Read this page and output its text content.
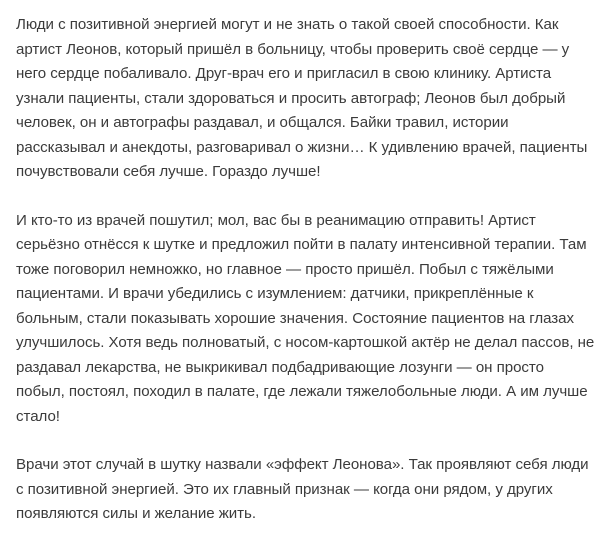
Люди с позитивной энергией могут и не знать о такой своей способности. Как
артист Леонов, который пришёл в больницу, чтобы проверить своё сердце — у
него сердце побаливало. Друг-врач его и пригласил в свою клинику. Артиста
узнали пациенты, стали здороваться и просить автограф; Леонов был добрый
человек, он и автографы раздавал, и общался. Байки травил, истории
рассказывал и анекдоты, разговаривал о жизни… К удивлению врачей, пациенты
почувствовали себя лучше. Гораздо лучше!

И кто-то из врачей пошутил; мол, вас бы в реанимацию отправить! Артист
серьёзно отнёсся к шутке и предложил пойти в палату интенсивной терапии. Там
тоже поговорил немножко, но главное — просто пришёл. Побыл с тяжёлыми
пациентами. И врачи убедились с изумлением: датчики, прикреплённые к
больным, стали показывать хорошие значения. Состояние пациентов на глазах
улучшилось. Хотя ведь полноватый, с носом-картошкой актёр не делал пассов, не
раздавал лекарства, не выкрикивал подбадривающие лозунги — он просто
побыл, постоял, походил в палате, где лежали тяжелобольные люди. А им лучше
стало!

Врачи этот случай в шутку назвали «эффект Леонова». Так проявляют себя люди
с позитивной энергией. Это их главный признак — когда они рядом, у других
появляются силы и желание жить.
